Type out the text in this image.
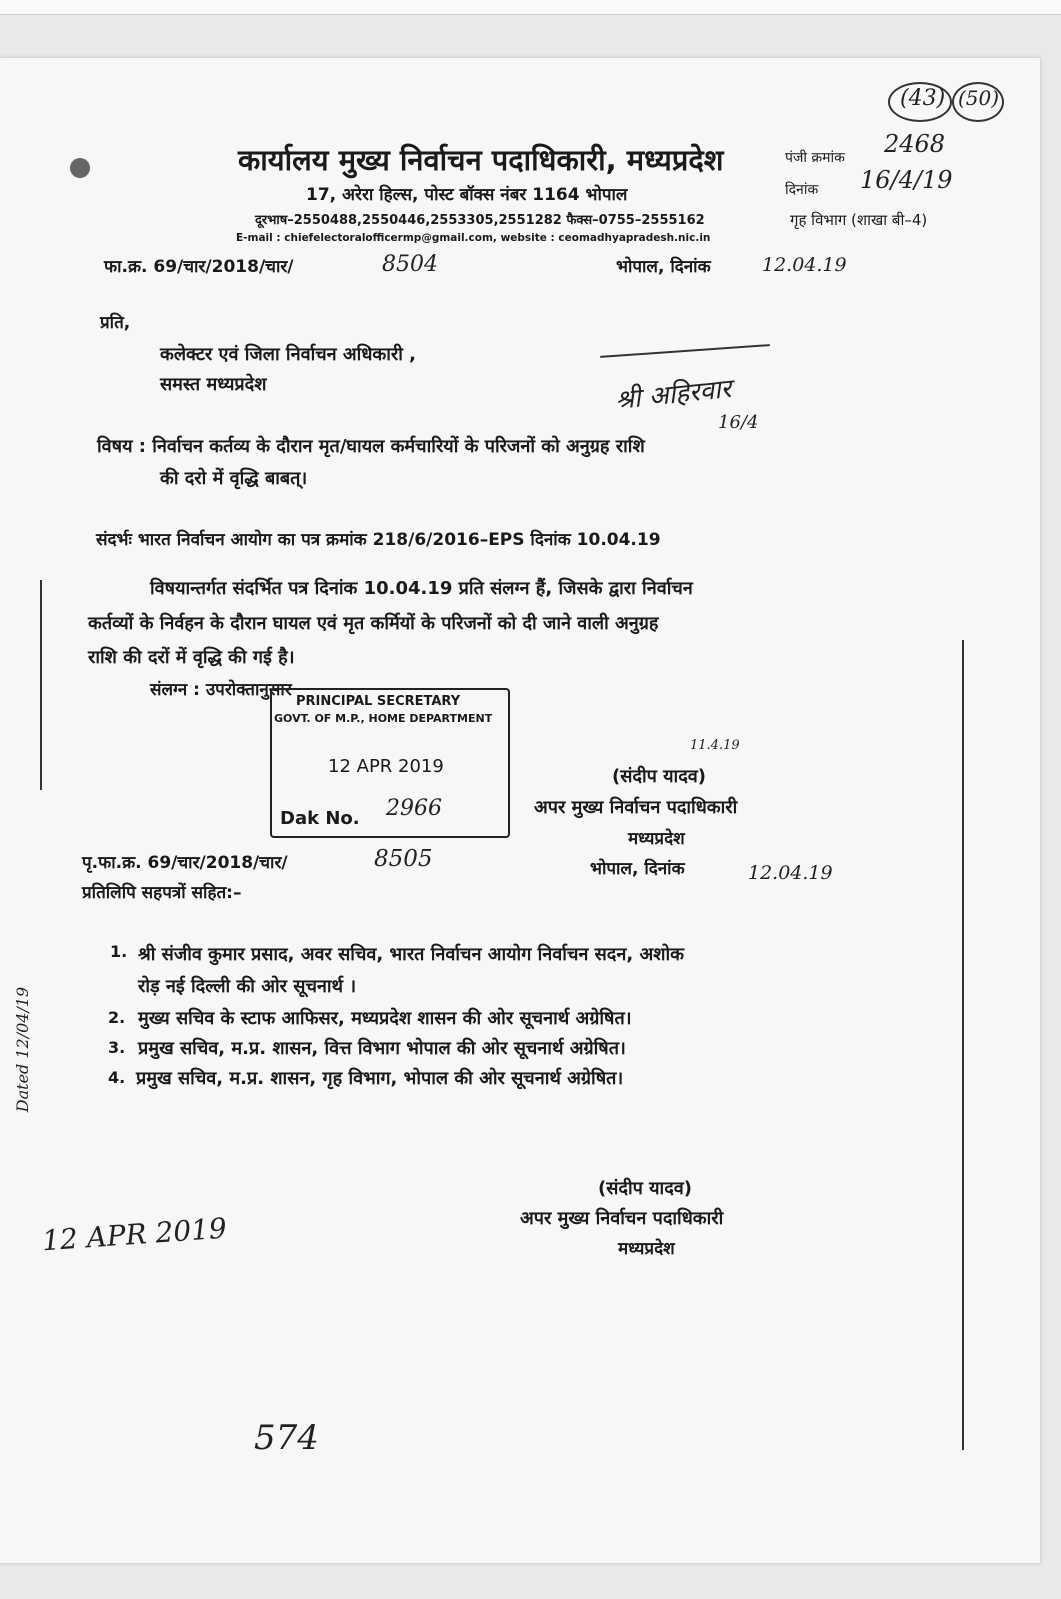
(43) (50)
कार्यालय मुख्य निर्वाचन पदाधिकारी, मध्यप्रदेश
17, अरेरा हिल्स, पोस्ट बॉक्स नंबर 1164 भोपाल
दूरभाष–2550488,2550446,2553305,2551282 फैक्स–0755–2555162
E-mail : chiefelectoralofficermp@gmail.com, website : ceomadhyapradesh.nic.in
पंजी क्रमांक 2468
दिनांक 16/4/19
गृह विभाग (शाखा बी–4)
फा.क्र. 69/चार/2018/चार/	8504	भोपाल, दिनांक	12.04.19
प्रति,
कलेक्टर एवं जिला निर्वाचन अधिकारी ,
समस्त मध्यप्रदेश	श्री अहिरवार
16/4
विषय : निर्वाचन कर्तव्य के दौरान मृत/घायल कर्मचारियों के परिजनों को अनुग्रह राशि
की दरो में वृद्धि बाबत्।
संदर्भः भारत निर्वाचन आयोग का पत्र क्रमांक 218/6/2016–EPS दिनांक 10.04.19
विषयान्तर्गत संदर्भित पत्र दिनांक 10.04.19 प्रति संलग्न हैं, जिसके द्वारा निर्वाचन
कर्तव्यों के निर्वहन के दौरान घायल एवं मृत कर्मियों के परिजनों को दी जाने वाली अनुग्रह
राशि की दरों में वृद्धि की गई है।
संलग्न : उपरोक्तानुसार
PRINCIPAL SECRETARY
GOVT. OF M.P., HOME DEPARTMENT
12 APR 2019
Dak No. 2966
11.4.19
(संदीप यादव)
अपर मुख्य निर्वाचन पदाधिकारी
मध्यप्रदेश
पृ.फा.क्र. 69/चार/2018/चार/	8505	भोपाल, दिनांक	12.04.19
प्रतिलिपि सहपत्रों सहित:–
1. श्री संजीव कुमार प्रसाद, अवर सचिव, भारत निर्वाचन आयोग निर्वाचन सदन, अशोक
रोड़ नई दिल्ली की ओर सूचनार्थ ।
2. मुख्य सचिव के स्टाफ आफिसर, मध्यप्रदेश शासन की ओर सूचनार्थ अग्रेषित।
3. प्रमुख सचिव, म.प्र. शासन, वित्त विभाग भोपाल की ओर सूचनार्थ अग्रेषित।
4. प्रमुख सचिव, म.प्र. शासन, गृह विभाग, भोपाल की ओर सूचनार्थ अग्रेषित।
(संदीप यादव)
अपर मुख्य निर्वाचन पदाधिकारी
मध्यप्रदेश
Dated 12/04/19
12 APR 2019
574
